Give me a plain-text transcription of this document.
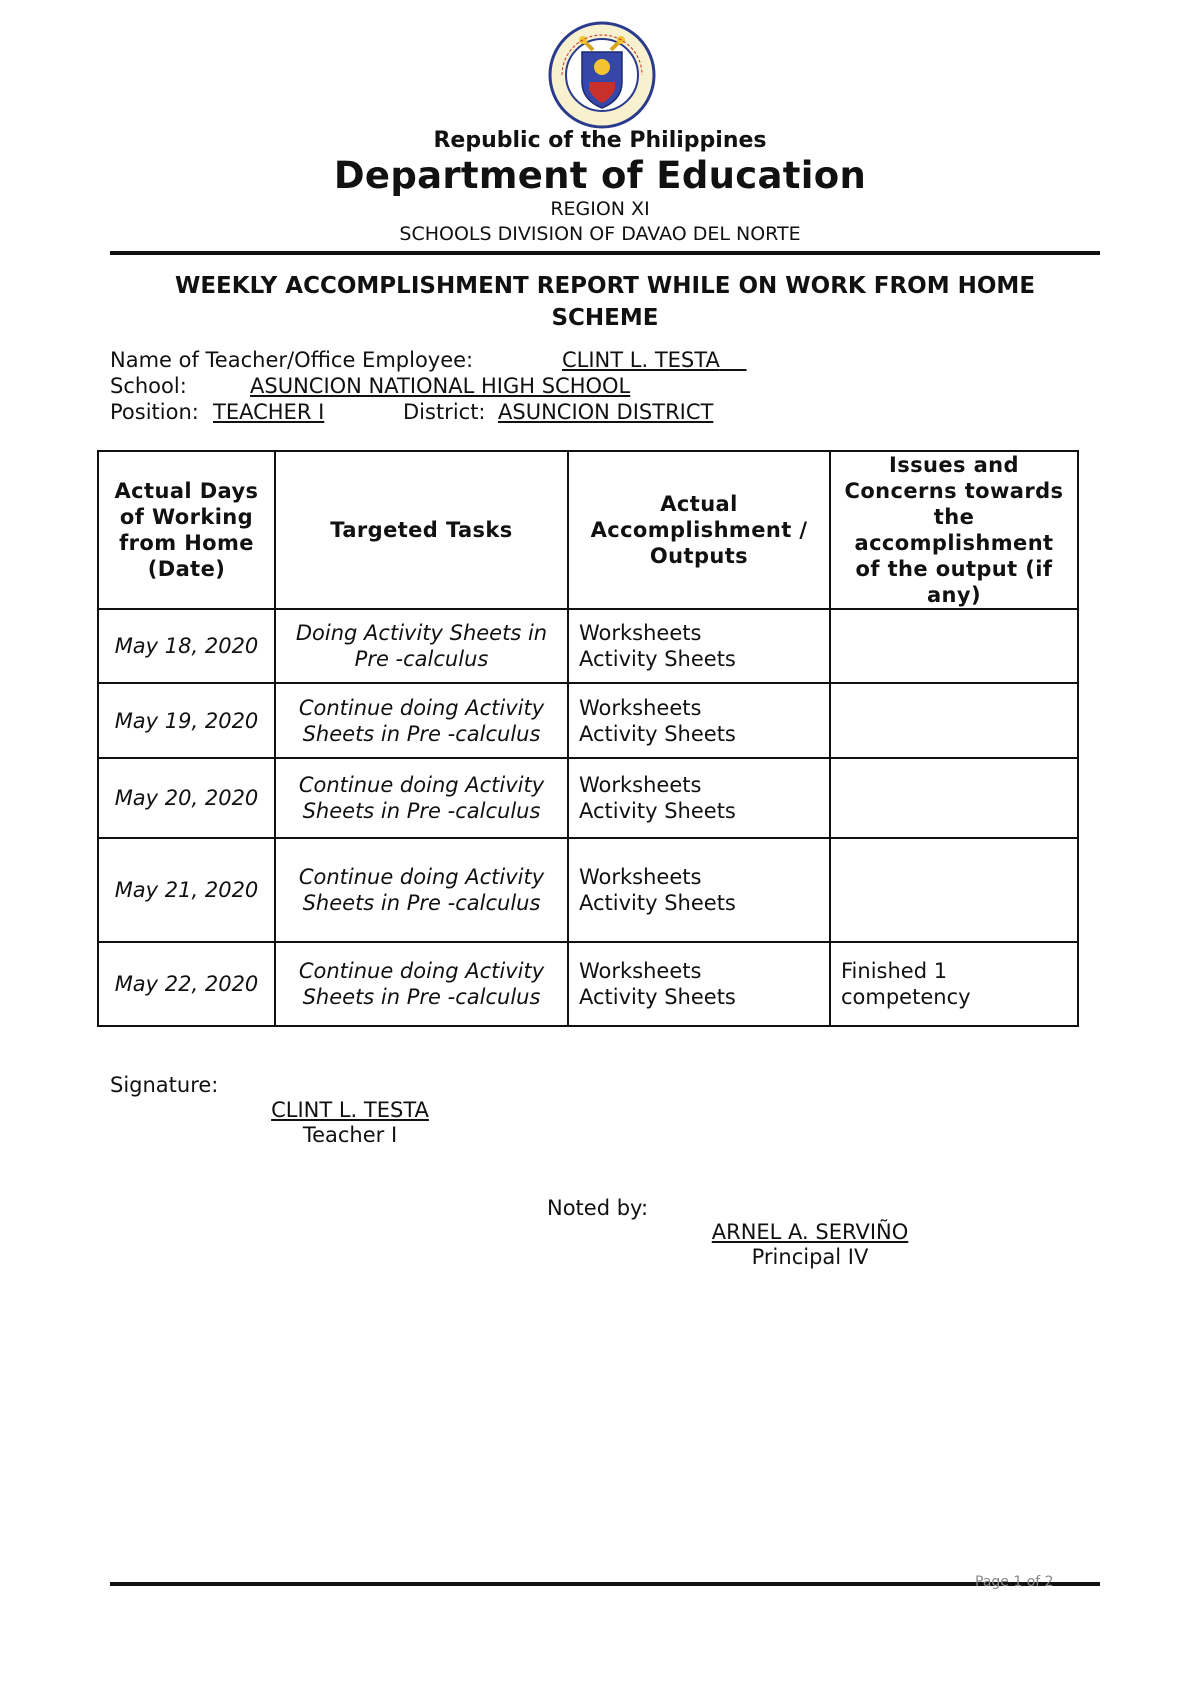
Republic of the Philippines
Department of Education
REGION XI
SCHOOLS DIVISION OF DAVAO DEL NORTE
WEEKLY ACCOMPLISHMENT REPORT WHILE ON WORK FROM HOME
SCHEME
Name of Teacher/Office Employee:	CLINT L. TESTA
School:	ASUNCION NATIONAL HIGH SCHOOL
Position: TEACHER I	District: ASUNCION DISTRICT
Actual Days of Working from Home (Date)	Targeted Tasks	Actual Accomplishment / Outputs	Issues and Concerns towards the accomplishment of the output (if any)
May 18, 2020	Doing Activity Sheets in Pre -calculus	Worksheets
Activity Sheets	

May 19, 2020	Continue doing Activity Sheets in Pre -calculus	Worksheets
Activity Sheets	

May 20, 2020	Continue doing Activity Sheets in Pre -calculus	Worksheets
Activity Sheets	

May 21, 2020	Continue doing Activity Sheets in Pre -calculus	Worksheets
Activity Sheets	

May 22, 2020	Continue doing Activity Sheets in Pre -calculus	Worksheets
Activity Sheets	Finished 1 competency
Signature:
CLINT L. TESTA
Teacher I
Noted by:
ARNEL A. SERVIÑO
Principal IV
Page 1 of 2
